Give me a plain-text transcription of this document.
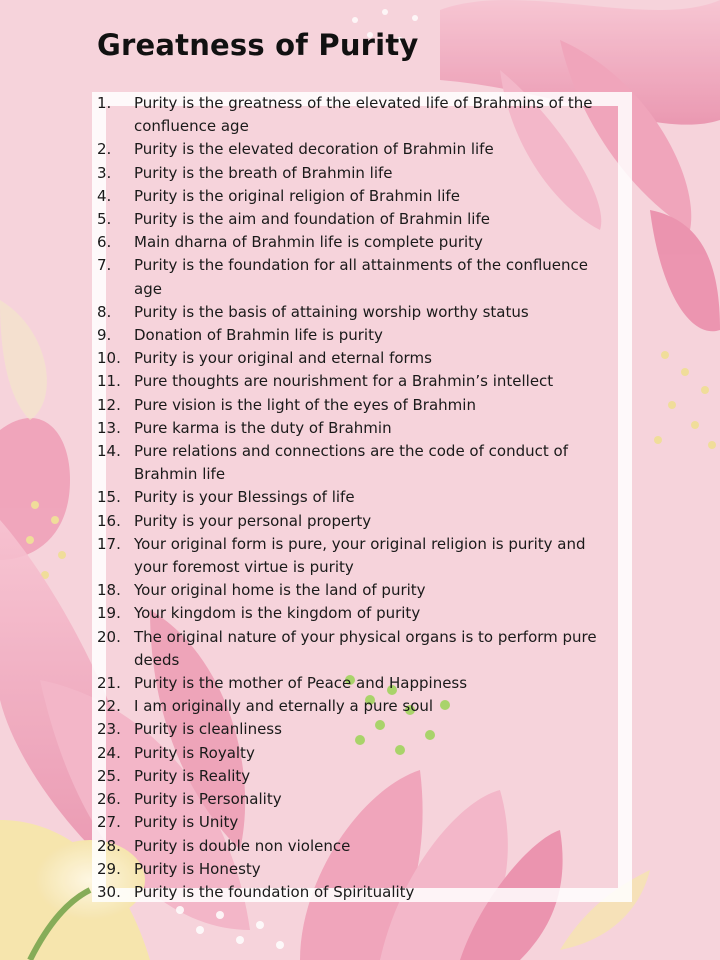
Greatness of Purity
1.	Purity is the greatness of the elevated life of Brahmins of the confluence age
2.	Purity is the elevated decoration of Brahmin life
3.	Purity is the breath of Brahmin life
4.	Purity is the original religion of Brahmin life
5.	Purity is the aim and foundation of Brahmin life
6.	Main dharna of Brahmin life is complete purity
7.	Purity is the foundation for all attainments of the confluence age
8.	Purity is the basis of attaining worship worthy status
9.	Donation of Brahmin life is purity
10. Purity is your original and eternal forms
11. Pure thoughts are nourishment for a Brahmin’s intellect
12. Pure vision is the light of the eyes of Brahmin
13. Pure karma is the duty of Brahmin
14. Pure relations and connections are the code of conduct of Brahmin life
15. Purity is your Blessings of life
16. Purity is your personal property
17. Your original form is pure, your original religion is purity and your foremost virtue is purity
18. Your original home is the land of purity
19. Your kingdom is the kingdom of purity
20. The original nature of your physical organs is to perform pure deeds
21. Purity is the mother of Peace and Happiness
22. I am originally and eternally a pure soul
23. Purity is cleanliness
24. Purity is Royalty
25. Purity is Reality
26. Purity is Personality
27. Purity is Unity
28. Purity is double non violence
29. Purity is Honesty
30. Purity is the foundation of Spirituality
